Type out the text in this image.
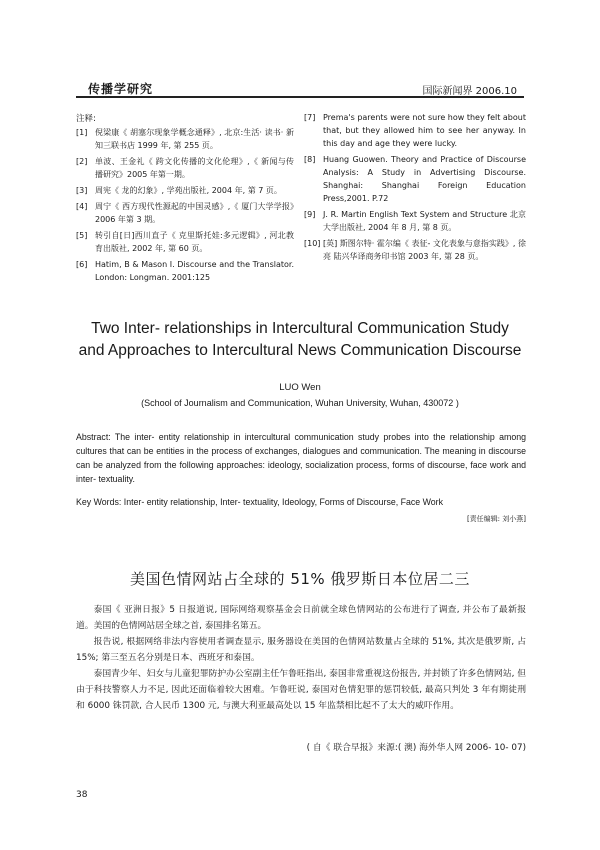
传播学研究	国际新闻界 2006.10
注释:
[1] 倪梁康《 胡塞尔现象学概念通释》, 北京:生活· 读书· 新知三联书店 1999 年, 第 255 页。
[2] 单波、王金礼《 跨文化传播的文化伦理》,《 新闻与传播研究》2005 年第一期。
[3] 周宪《 龙的幻象》, 学苑出版社, 2004 年, 第 7 页。
[4] 周宁《 西方现代性源起的中国灵感》,《 厦门大学学报》2006 年第 3 期。
[5] 转引自[日]西川直子《 克里斯托娃:多元逻辑》, 河北教育出版社, 2002 年, 第 60 页。
[6] Hatim, B & Mason I. Discourse and the Translator. London: Longman. 2001:125
[7] Prema's parents were not sure how they felt about that, but they allowed him to see her anyway. In this day and age they were lucky.
[8] Huang Guowen. Theory and Practice of Discourse Analysis: A Study in Advertising Discourse. Shanghai: Shanghai Foreign Education Press,2001. P.72
[9] J. R. Martin English Text System and Structure 北京大学出版社, 2004 年 8 月, 第 8 页。
[10] [英] 斯图尔特· 霍尔编《 表征- 文化表象与意指实践》, 徐亮 陆兴华译商务印书馆 2003 年, 第 28 页。
Two Inter- relationships in Intercultural Communication Study
and Approaches to Intercultural News Communication Discourse
LUO Wen
(School of Journalism and Communication, Wuhan University, Wuhan, 430072 )
Abstract: The inter- entity relationship in intercultural communication study probes into the relationship among cultures that can be entities in the process of exchanges, dialogues and communication. The meaning in discourse can be analyzed from the following approaches: ideology, socialization process, forms of discourse, face work and inter- textuality.
Key Words: Inter- entity relationship, Inter- textuality, Ideology, Forms of Discourse, Face Work
[责任编辑: 刘小燕]
美国色情网站占全球的 51% 俄罗斯日本位居二三

泰国《 亚洲日报》5 日报道说, 国际网络观察基金会日前就全球色情网站的公布进行了调查, 并公布了最新报道。美国的色情网站居全球之首, 泰国排名第五。

报告说, 根据网络非法内容使用者调查显示, 服务器设在美国的色情网站数量占全球的 51%, 其次是俄罗斯, 占 15%; 第三至五名分别是日本、西班牙和泰国。

泰国青少年、妇女与儿童犯罪防护办公室副主任乍鲁旺指出, 泰国非常重视这份报告, 并封锁了许多色情网站, 但由于科技警察人力不足, 因此还面临着较大困难。乍鲁旺说, 泰国对色情犯罪的惩罚较低, 最高只判处 3 年有期徒刑和 6000 铢罚款, 合人民币 1300 元, 与澳大利亚最高处以 15 年监禁相比起不了太大的威吓作用。

( 自《 联合早报》来源:( 澳) 海外华人网 2006- 10- 07)
38
